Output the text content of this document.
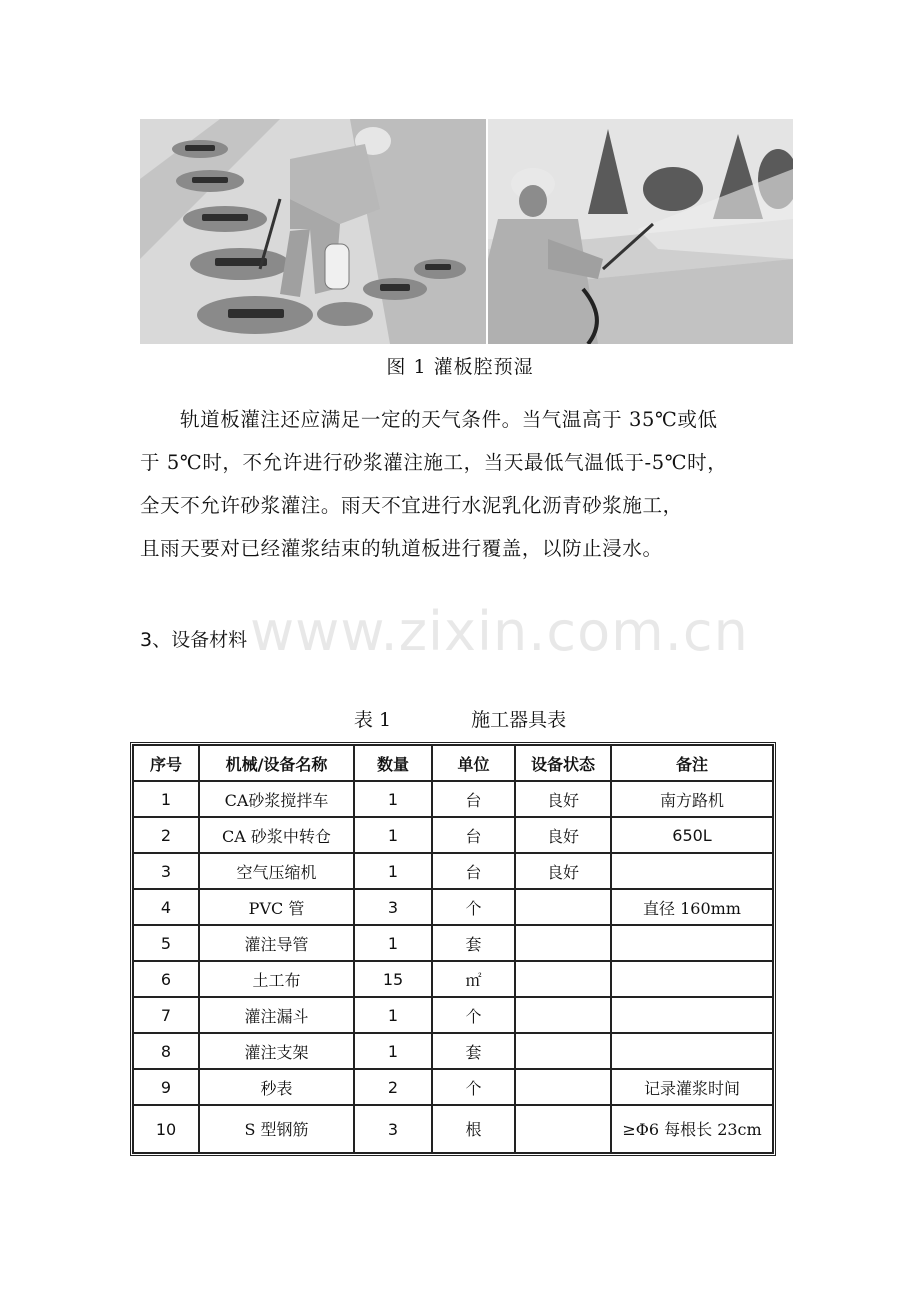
图 1 灌板腔预湿

轨道板灌注还应满足一定的天气条件。当气温高于 35℃或低

于 5℃时，不允许进行砂浆灌注施工，当天最低气温低于-5℃时，

全天不允许砂浆灌注。雨天不宜进行水泥乳化沥青砂浆施工，

且雨天要对已经灌浆结束的轨道板进行覆盖，以防止浸水。

3、设备材料 www.zixin.com.cn
表 1	施工器具表
序号	机械/设备名称	数量	单位	设备状态	备注
1	CA砂浆搅拌车	1	台	良好	南方路机
2	CA 砂浆中转仓	1	台	良好	650L
3	空气压缩机	1	台	良好	
4	PVC 管	3	个		直径 160mm
5	灌注导管	1	套		
6	土工布	15	㎡		
7	灌注漏斗	1	个		
8	灌注支架	1	套		
9	秒表	2	个		记录灌浆时间
10	S 型钢筋	3	根		≥Φ6 每根长 23cm
